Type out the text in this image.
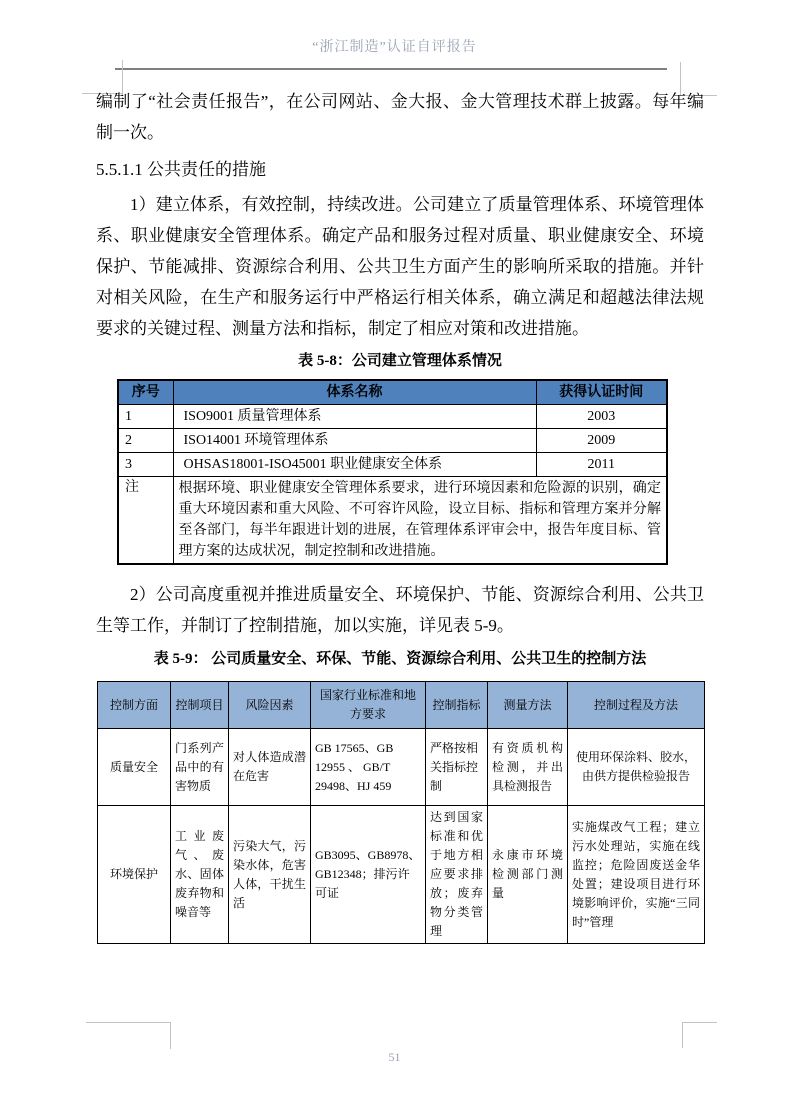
“浙江制造”认证自评报告

编制了“社会责任报告”，在公司网站、金大报、金大管理技术群上披露。每年编制一次。

5.5.1.1 公共责任的措施

1）建立体系，有效控制，持续改进。公司建立了质量管理体系、环境管理体系、职业健康安全管理体系。确定产品和服务过程对质量、职业健康安全、环境保护、节能减排、资源综合利用、公共卫生方面产生的影响所采取的措施。并针对相关风险，在生产和服务运行中严格运行相关体系，确立满足和超越法律法规要求的关键过程、测量方法和指标，制定了相应对策和改进措施。

表 5-8：公司建立管理体系情况
序号	体系名称	获得认证时间
1	ISO9001 质量管理体系	2003
2	ISO14001 环境管理体系	2009
3	OHSAS18001-ISO45001 职业健康安全体系	2011
注	根据环境、职业健康安全管理体系要求，进行环境因素和危险源的识别，确定重大环境因素和重大风险、不可容许风险，设立目标、指标和管理方案并分解至各部门，每半年跟进计划的进展，在管理体系评审会中，报告年度目标、管理方案的达成状况，制定控制和改进措施。	

2）公司高度重视并推进质量安全、环境保护、节能、资源综合利用、公共卫生等工作，并制订了控制措施，加以实施，详见表 5-9。

表 5-9： 公司质量安全、环保、节能、资源综合利用、公共卫生的控制方法
控制方面	控制项目	风险因素	国家行业标准和地方要求	控制指标	测量方法	控制过程及方法
质量安全	门系列产品中的有害物质	对人体造成潜在危害	GB 17565、GB 12955 、 GB/T 29498、HJ 459	严格按相关指标控制	有资质机构检测，并出具检测报告	使用环保涂料、胶水，由供方提供检验报告
环境保护	工业废气、废水、固体废弃物和噪音等	污染大气，污染水体，危害人体，干扰生活	GB3095、GB8978、GB12348；排污许可证	达到国家标准和优于地方相应要求排放；废弃物分类管理	永康市环境检测部门测量	实施煤改气工程；建立污水处理站，实施在线监控；危险固废送金华处置；建设项目进行环境影响评价，实施“三同时”管理
51
